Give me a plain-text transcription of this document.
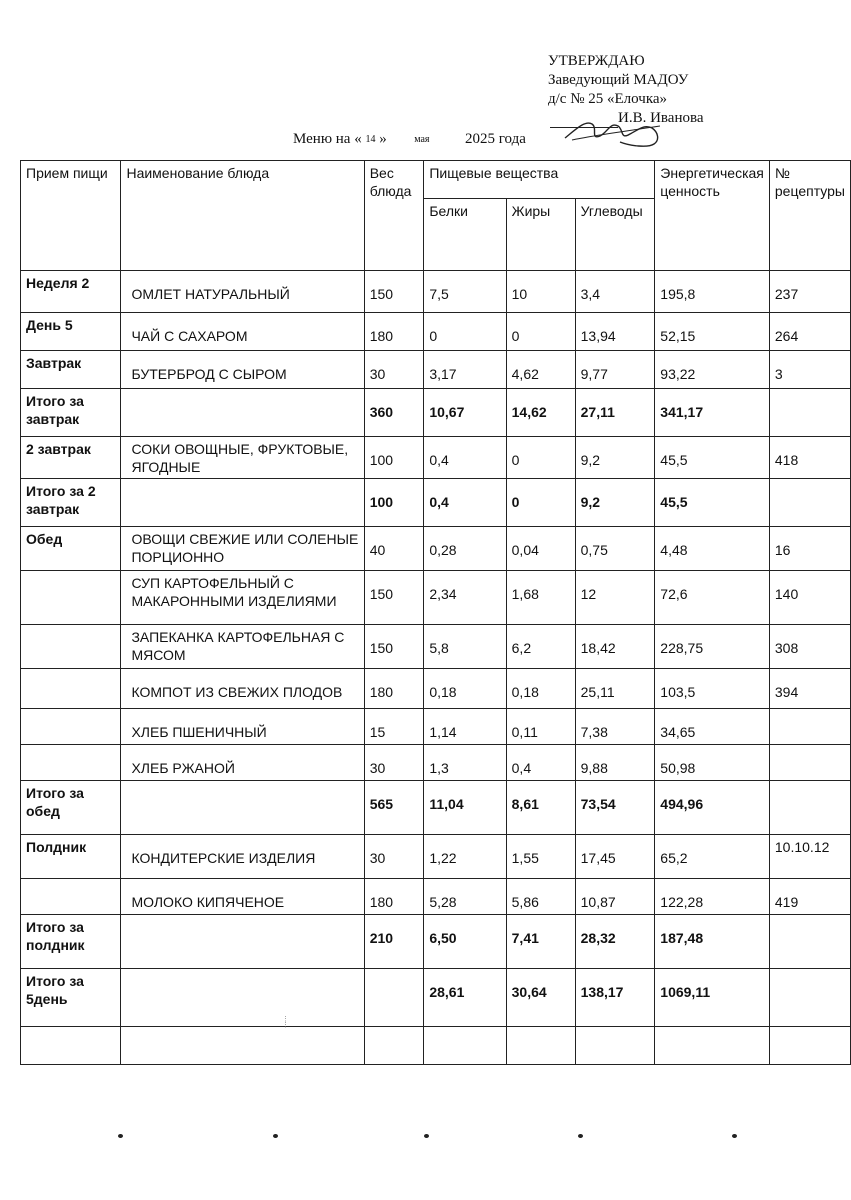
УТВЕРЖДАЮ
Заведующий МАДОУ
д/с № 25 «Елочка»
И.В. Иванова
Меню на « 14 »	мая 2025 года
Прием пищи	Наименование блюда	Вес блюда	Пищевые вещества			Энергетическая ценность	№ рецептуры
			Белки	Жиры	Углеводы		
Неделя 2	ОМЛЕТ НАТУРАЛЬНЫЙ	150	7,5	10	3,4	195,8	237
День 5	ЧАЙ С САХАРОМ	180	0	0	13,94	52,15	264
Завтрак	БУТЕРБРОД С СЫРОМ	30	3,17	4,62	9,77	93,22	3
Итого за завтрак		360	10,67	14,62	27,11	341,17	
2 завтрак	СОКИ ОВОЩНЫЕ, ФРУКТОВЫЕ, ЯГОДНЫЕ	100	0,4	0	9,2	45,5	418
Итого за 2 завтрак		100	0,4	0	9,2	45,5	
Обед	ОВОЩИ СВЕЖИЕ ИЛИ СОЛЕНЫЕ ПОРЦИОННО	40	0,28	0,04	0,75	4,48	16
	СУП КАРТОФЕЛЬНЫЙ С МАКАРОННЫМИ ИЗДЕЛИЯМИ	150	2,34	1,68	12	72,6	140
	ЗАПЕКАНКА КАРТОФЕЛЬНАЯ С МЯСОМ	150	5,8	6,2	18,42	228,75	308
	КОМПОТ ИЗ СВЕЖИХ ПЛОДОВ	180	0,18	0,18	25,11	103,5	394
	ХЛЕБ ПШЕНИЧНЫЙ	15	1,14	0,11	7,38	34,65	
	ХЛЕБ РЖАНОЙ	30	1,3	0,4	9,88	50,98	
Итого за обед		565	11,04	8,61	73,54	494,96	
Полдник	КОНДИТЕРСКИЕ ИЗДЕЛИЯ	30	1,22	1,55	17,45	65,2	10.10.12
	МОЛОКО КИПЯЧЕНОЕ	180	5,28	5,86	10,87	122,28	419
Итого за полдник		210	6,50	7,41	28,32	187,48	
Итого за 5день			28,61	30,64	138,17	1069,11	

⋮
⋮
